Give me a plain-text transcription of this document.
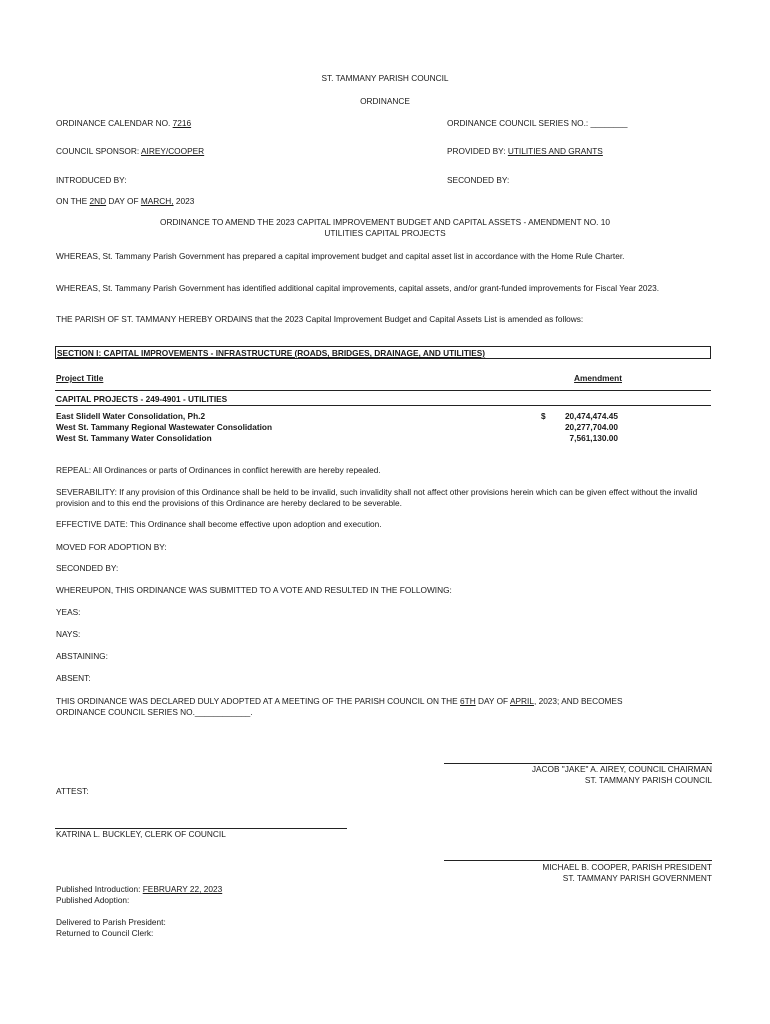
ST. TAMMANY PARISH COUNCIL
ORDINANCE
ORDINANCE CALENDAR NO. 7216	ORDINANCE COUNCIL SERIES NO.: ________
COUNCIL SPONSOR: AIREY/COOPER	PROVIDED BY: UTILITIES AND GRANTS
INTRODUCED BY:	SECONDED BY:
ON THE 2ND DAY OF MARCH, 2023
ORDINANCE TO AMEND THE 2023 CAPITAL IMPROVEMENT BUDGET AND CAPITAL ASSETS - AMENDMENT NO. 10
UTILITIES CAPITAL PROJECTS
WHEREAS, St. Tammany Parish Government has prepared a capital improvement budget and capital asset list in accordance with the Home Rule Charter.
WHEREAS, St. Tammany Parish Government has identified additional capital improvements, capital assets, and/or grant-funded improvements for Fiscal Year 2023.
THE PARISH OF ST. TAMMANY HEREBY ORDAINS that the 2023 Capital Improvement Budget and Capital Assets List is amended as follows:
SECTION I: CAPITAL IMPROVEMENTS - INFRASTRUCTURE (ROADS, BRIDGES, DRAINAGE, AND UTILITIES)
Project Title	Amendment
CAPITAL PROJECTS - 249-4901 - UTILITIES
East Slidell Water Consolidation, Ph.2	$ 20,474,474.45
West St. Tammany Regional Wastewater Consolidation	20,277,704.00
West St. Tammany Water Consolidation	7,561,130.00
REPEAL: All Ordinances or parts of Ordinances in conflict herewith are hereby repealed.
SEVERABILITY: If any provision of this Ordinance shall be held to be invalid, such invalidity shall not affect other provisions herein which can be given effect without the invalid provision and to this end the provisions of this Ordinance are hereby declared to be severable.
EFFECTIVE DATE: This Ordinance shall become effective upon adoption and execution.
MOVED FOR ADOPTION BY:
SECONDED BY:
WHEREUPON, THIS ORDINANCE WAS SUBMITTED TO A VOTE AND RESULTED IN THE FOLLOWING:
YEAS:
NAYS:
ABSTAINING:
ABSENT:
THIS ORDINANCE WAS DECLARED DULY ADOPTED AT A MEETING OF THE PARISH COUNCIL ON THE 6TH DAY OF APRIL, 2023; AND BECOMES
ORDINANCE COUNCIL SERIES NO.____________.
JACOB "JAKE" A. AIREY, COUNCIL CHAIRMAN
ST. TAMMANY PARISH COUNCIL
ATTEST:
KATRINA L. BUCKLEY, CLERK OF COUNCIL
MICHAEL B. COOPER, PARISH PRESIDENT
ST. TAMMANY PARISH GOVERNMENT
Published Introduction: FEBRUARY 22, 2023
Published Adoption:
Delivered to Parish President:
Returned to Council Clerk:
